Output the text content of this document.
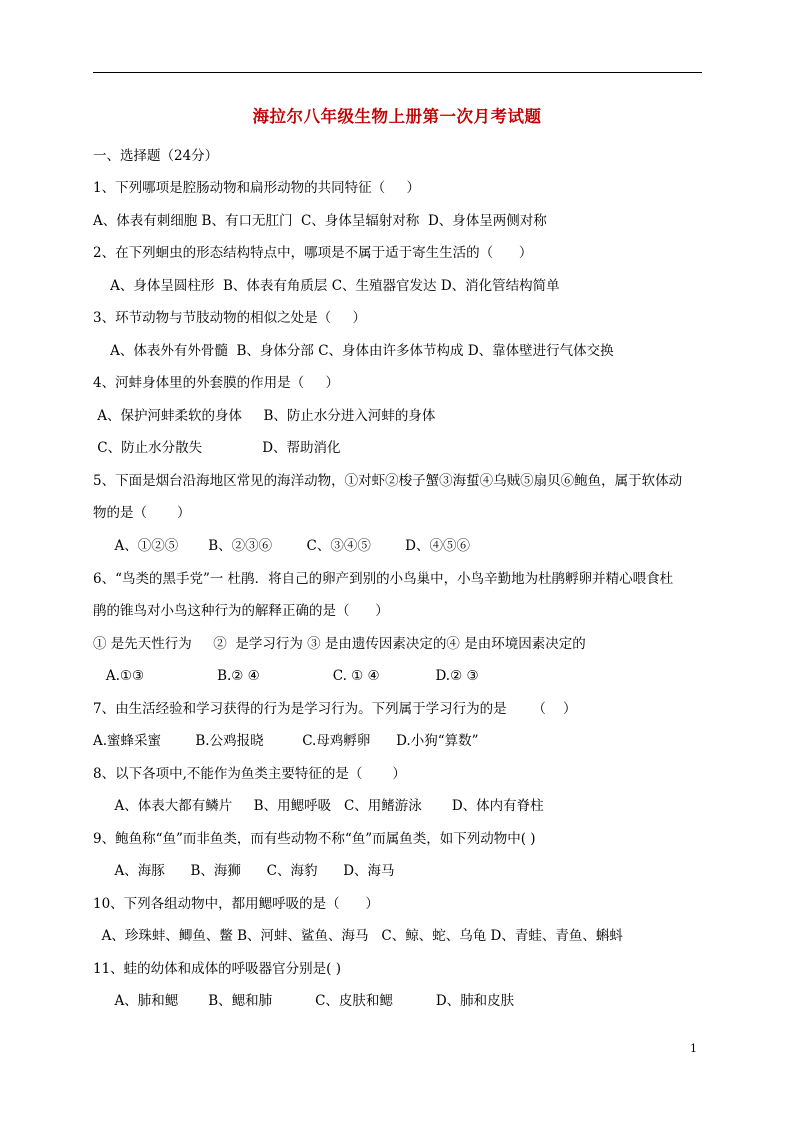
海拉尔八年级生物上册第一次月考试题
一、选择题（24分）
1、下列哪项是腔肠动物和扁形动物的共同特征（     ）
A、体表有刺细胞 B、有口无肛门  C、身体呈辐射对称  D、身体呈两侧对称
2、在下列蛔虫的形态结构特点中，哪项是不属于适于寄生生活的（      ）
A、身体呈圆柱形  B、体表有角质层 C、生殖器官发达 D、消化管结构简单
3、环节动物与节肢动物的相似之处是（     ）
A、体表外有外骨髓  B、身体分部 C、身体由许多体节构成 D、靠体壁进行气体交换
4、河蚌身体里的外套膜的作用是（     ）
A、保护河蚌柔软的身体     B、防止水分进入河蚌的身体
C、防止水分散失              D、帮助消化
5、下面是烟台沿海地区常见的海洋动物，①对虾②梭子蟹③海蜇④乌贼⑤扇贝⑥鲍鱼，属于软体动
物的是（       ）
A、①②⑤       B、②③⑥        C、③④⑤        D、④⑤⑥
6、“鸟类的黑手党”一 杜鹃．将自己的卵产到别的小鸟巢中，小鸟辛勤地为杜鹃孵卵并精心喂食杜
鹃的锥鸟对小鸟这种行为的解释正确的是（      ）
① 是先天性行为     ②  是学习行为 ③ 是由遗传因素决定的④ 是由环境因素决定的
A.①③                 B.② ④                 C. ① ④             D.② ③
7、由生活经验和学习获得的行为是学习行为。下列属于学习行为的是      （    ）
A.蜜蜂采蜜        B.公鸡报晓         C.母鸡孵卵      D.小狗“算数”
8、以下各项中,不能作为鱼类主要特征的是（       ）
A、体表大都有鳞片     B、用鳃呼吸   C、用鳍游泳       D、体内有脊柱
9、鲍鱼称“鱼”而非鱼类，而有些动物不称“鱼”而属鱼类，如下列动物中( )
A、海豚      B、海狮      C、海豹      D、海马
10、下列各组动物中，都用鳃呼吸的是（      ）
A、珍珠蚌、鲫鱼、鳖 B、河蚌、鲨鱼、海马   C、鲸、蛇、乌龟 D、青蛙、青鱼、蝌蚪
11、蛙的幼体和成体的呼吸器官分别是( )
A、肺和鳃       B、鳃和肺          C、皮肤和鳃          D、肺和皮肤
1
